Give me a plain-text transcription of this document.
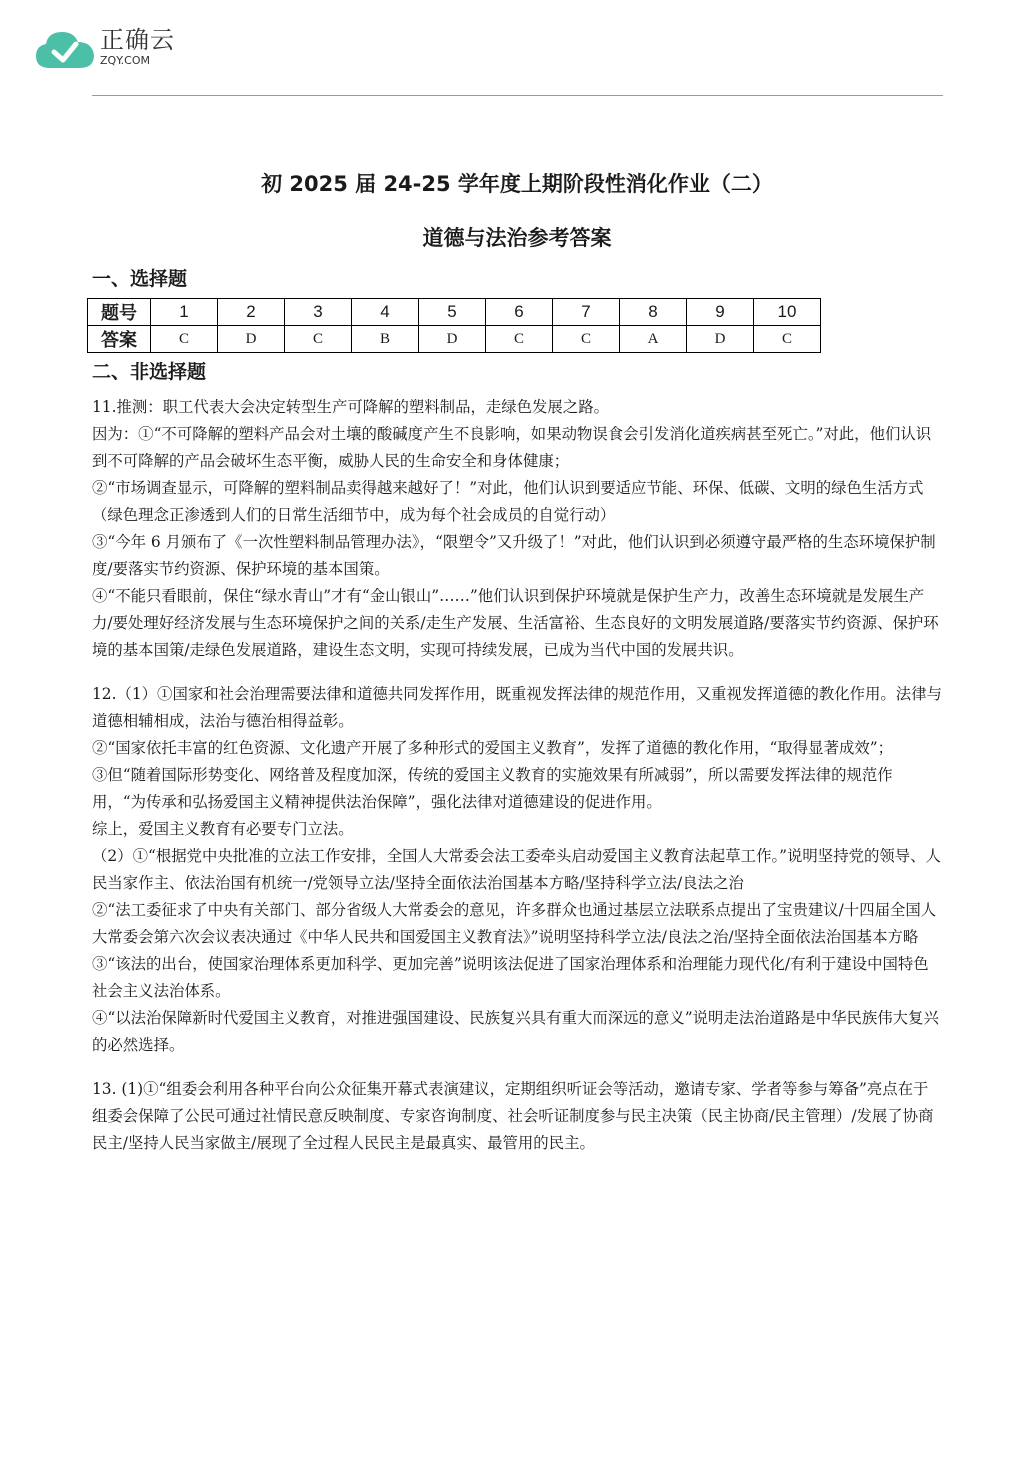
正确云
ZQY.COM
初 2025 届 24-25 学年度上期阶段性消化作业（二）
道德与法治参考答案
一、选择题
题号	1	2	3	4	5	6	7	8	9	10
答案	C	D	C	B	D	C	C	A	D	C
二、非选择题

11.推测：职工代表大会决定转型生产可降解的塑料制品，走绿色发展之路。

因为：①“不可降解的塑料产品会对土壤的酸碱度产生不良影响，如果动物误食会引发消化道疾病甚至死亡。”对此，他们认识到不可降解的产品会破坏生态平衡，威胁人民的生命安全和身体健康；

②“市场调查显示，可降解的塑料制品卖得越来越好了！”对此，他们认识到要适应节能、环保、低碳、文明的绿色生活方式（绿色理念正渗透到人们的日常生活细节中，成为每个社会成员的自觉行动）

③“今年 6 月颁布了《一次性塑料制品管理办法》，“限塑令”又升级了！”对此，他们认识到必须遵守最严格的生态环境保护制度/要落实节约资源、保护环境的基本国策。

④“不能只看眼前，保住“绿水青山”才有“金山银山”……”他们认识到保护环境就是保护生产力，改善生态环境就是发展生产力/要处理好经济发展与生态环境保护之间的关系/走生产发展、生活富裕、生态良好的文明发展道路/要落实节约资源、保护环境的基本国策/走绿色发展道路，建设生态文明，实现可持续发展，已成为当代中国的发展共识。

12.（1）①国家和社会治理需要法律和道德共同发挥作用，既重视发挥法律的规范作用，又重视发挥道德的教化作用。法律与道德相辅相成，法治与德治相得益彰。

②“国家依托丰富的红色资源、文化遗产开展了多种形式的爱国主义教育”，发挥了道德的教化作用，“取得显著成效”；

③但“随着国际形势变化、网络普及程度加深，传统的爱国主义教育的实施效果有所减弱”，所以需要发挥法律的规范作用，“为传承和弘扬爱国主义精神提供法治保障”，强化法律对道德建设的促进作用。

综上，爱国主义教育有必要专门立法。

（2）①“根据党中央批准的立法工作安排，全国人大常委会法工委牵头启动爱国主义教育法起草工作。”说明坚持党的领导、人民当家作主、依法治国有机统一/党领导立法/坚持全面依法治国基本方略/坚持科学立法/良法之治

②“法工委征求了中央有关部门、部分省级人大常委会的意见，许多群众也通过基层立法联系点提出了宝贵建议/十四届全国人大常委会第六次会议表决通过《中华人民共和国爱国主义教育法》”说明坚持科学立法/良法之治/坚持全面依法治国基本方略

③“该法的出台，使国家治理体系更加科学、更加完善”说明该法促进了国家治理体系和治理能力现代化/有利于建设中国特色社会主义法治体系。

④“以法治保障新时代爱国主义教育，对推进强国建设、民族复兴具有重大而深远的意义”说明走法治道路是中华民族伟大复兴的必然选择。

13. (1)①“组委会利用各种平台向公众征集开幕式表演建议，定期组织听证会等活动，邀请专家、学者等参与筹备”亮点在于组委会保障了公民可通过社情民意反映制度、专家咨询制度、社会听证制度参与民主决策（民主协商/民主管理）/发展了协商民主/坚持人民当家做主/展现了全过程人民民主是最真实、最管用的民主。
